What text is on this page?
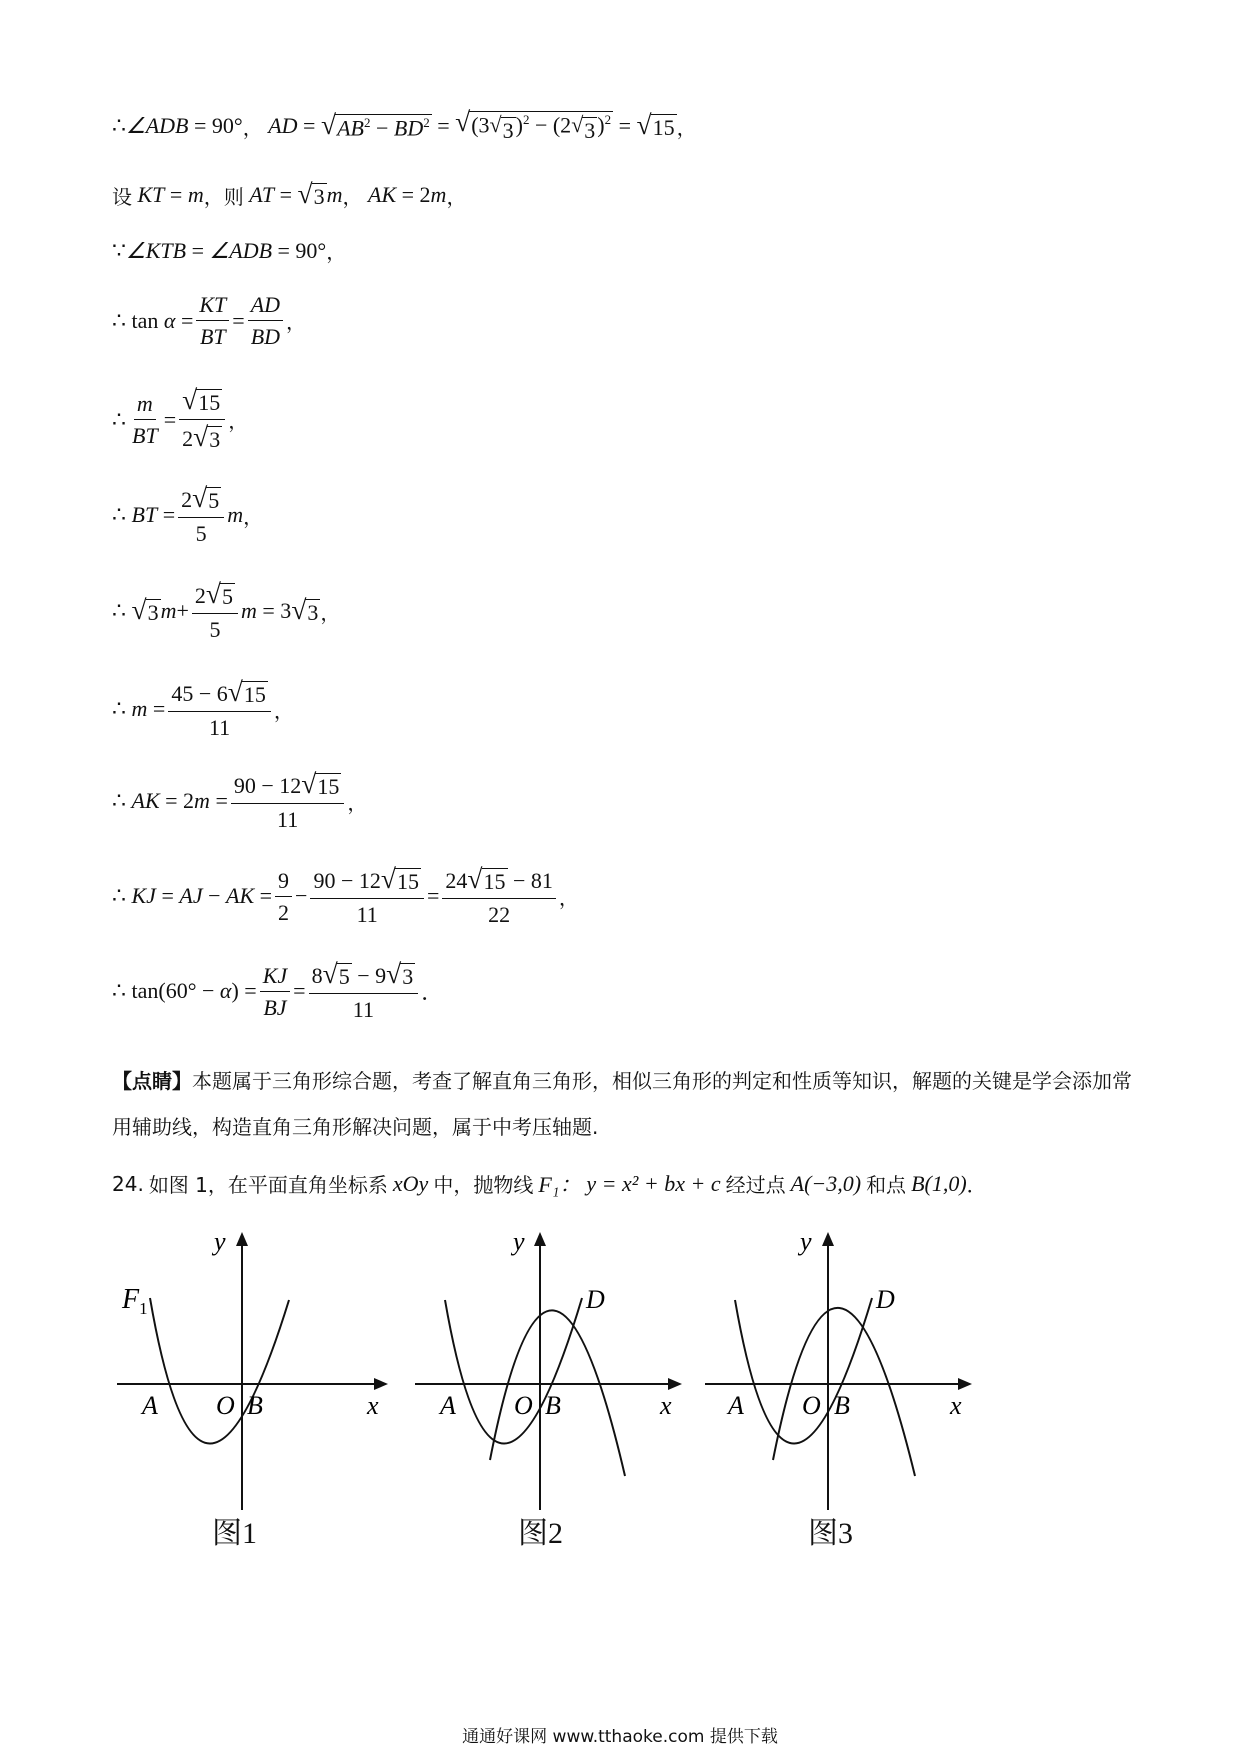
∴ ∠ ADB
= 90° ，
AD
=
√ $AB^2 - BD^2$
=
√ (3 √ 3 )$^2$ − (2 √ 3 )$^2$
=
√ 15 ，
设
KT
=
m ，则
AT
=
√ 3 m ，
AK
= 2 m ，
∵ ∠ KTB
= ∠ ADB
= 90° ，
∴ tan
α
= $\frac{KT}{BT} = \frac{AD}{BD}$ ，
∴ $\frac{m}{BT} = \frac{√ 15}{2 √ 3}$ ，
∴
BT
= $\frac{2 √ 5}{5}$ m ，
∴
√ 3 $m + \frac{2 √ 5}{5}$ m
= 3 √ 3 ，
∴
m
= $\frac{45 - 6 √ 15}{11}$ ，
∴
AK
= 2 m
= $\frac{90 - 12 √ 15}{11}$ ，
∴
KJ
=
AJ
−
AK
= $\frac{9}{2} - \frac{90 - 12 √ 15}{11} = \frac{24 √ 15 - 81}{22}$ ，
∴ tan(60° −
α )
= $\frac{KJ}{BJ} = \frac{8 √ 5 - 9 √ 3}{11}$ ．
【点睛】本题属于三角形综合题，考查了解直角三角形，相似三角形的判定和性质等知识，解题的关键是学会添加常用辅助线，构造直角三角形解决问题，属于中考压轴题.
24.
如图 1，在平面直角坐标系
xOy
中，抛物线
F₁：
y = x² + bx + c
经过点
A(−3,0)
和点
B(1,0) ．
$F_1$
y
x
A O B
图1
y
x
A O B
D
图2
y
x
A O B
D
图3
通通好课网 www.tthaoke.com 提供下载
